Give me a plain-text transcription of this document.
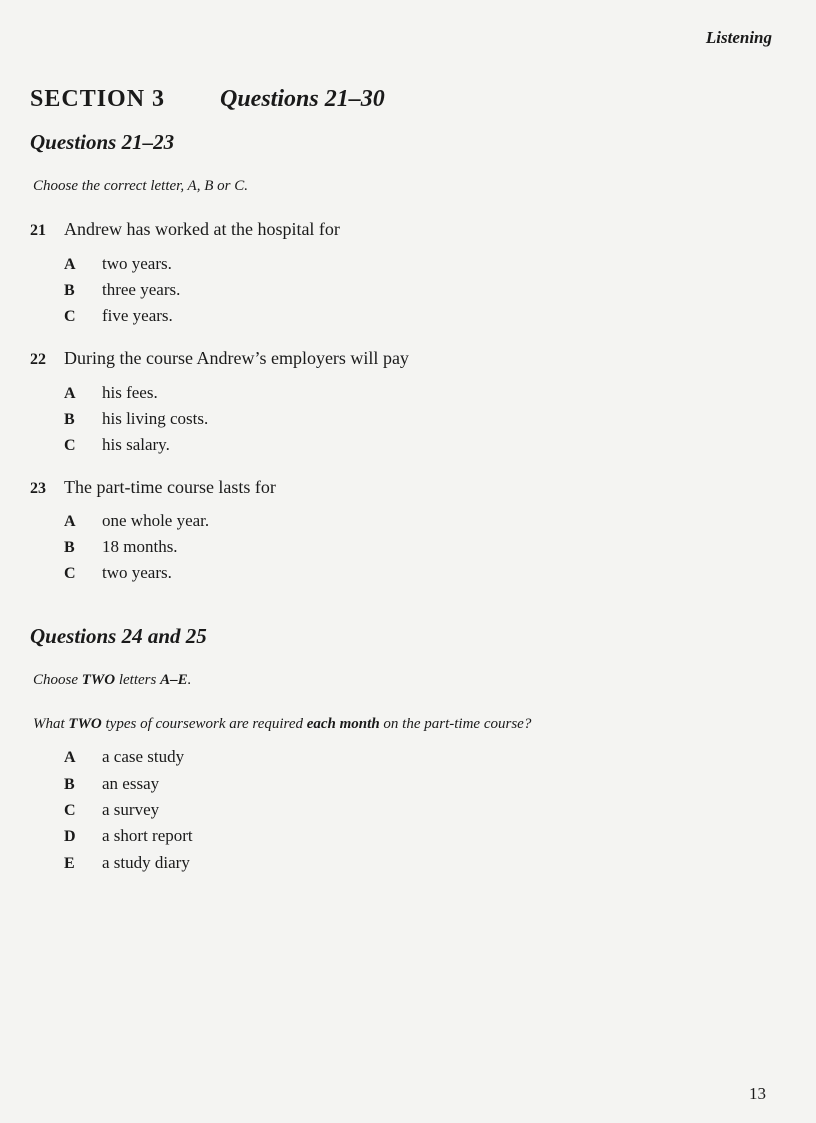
Listening
SECTION 3	Questions 21–30
Questions 21–23
Choose the correct letter, A, B or C.
21 Andrew has worked at the hospital for
A two years.
B three years.
C five years.
22 During the course Andrew’s employers will pay
A his fees.
B his living costs.
C his salary.
23 The part-time course lasts for
A one whole year.
B 18 months.
C two years.
Questions 24 and 25
Choose TWO letters A–E.
What TWO types of coursework are required each month on the part-time course?
A a case study
B an essay
C a survey
D a short report
E a study diary
13
